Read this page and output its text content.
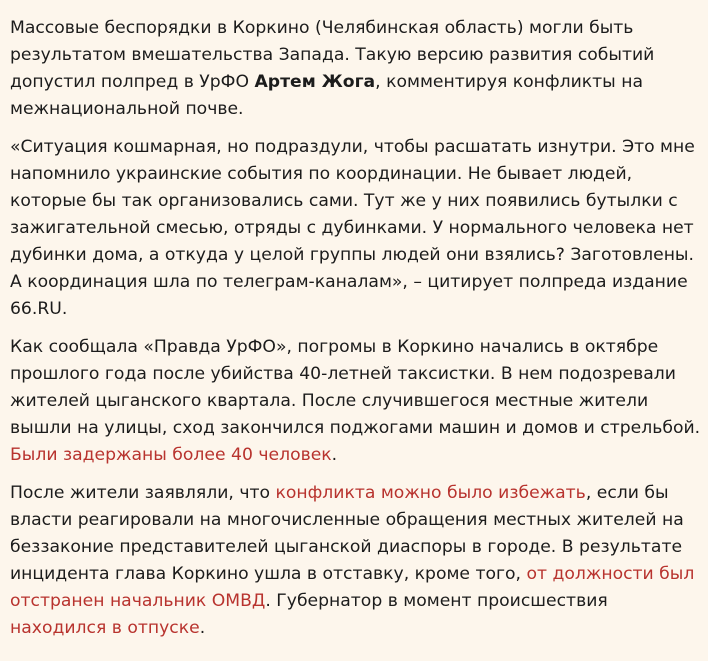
Массовые беспорядки в Коркино (Челябинская область) могли быть результатом вмешательства Запада. Такую версию развития событий допустил полпред в УрФО Артем Жога, комментируя конфликты на межнациональной почве.

«Ситуация кошмарная, но подраздули, чтобы расшатать изнутри. Это мне напомнило украинские события по координации. Не бывает людей, которые бы так организовались сами. Тут же у них появились бутылки с зажигательной смесью, отряды с дубинками. У нормального человека нет дубинки дома, а откуда у целой группы людей они взялись? Заготовлены. А координация шла по телеграм-каналам», – цитирует полпреда издание 66.RU.

Как сообщала «Правда УрФО», погромы в Коркино начались в октябре прошлого года после убийства 40-летней таксистки. В нем подозревали жителей цыганского квартала. После случившегося местные жители вышли на улицы, сход закончился поджогами машин и домов и стрельбой. Были задержаны более 40 человек.

После жители заявляли, что конфликта можно было избежать, если бы власти реагировали на многочисленные обращения местных жителей на беззаконие представителей цыганской диаспоры в городе. В результате инцидента глава Коркино ушла в отставку, кроме того, от должности был отстранен начальник ОМВД. Губернатор в момент происшествия находился в отпуске.
